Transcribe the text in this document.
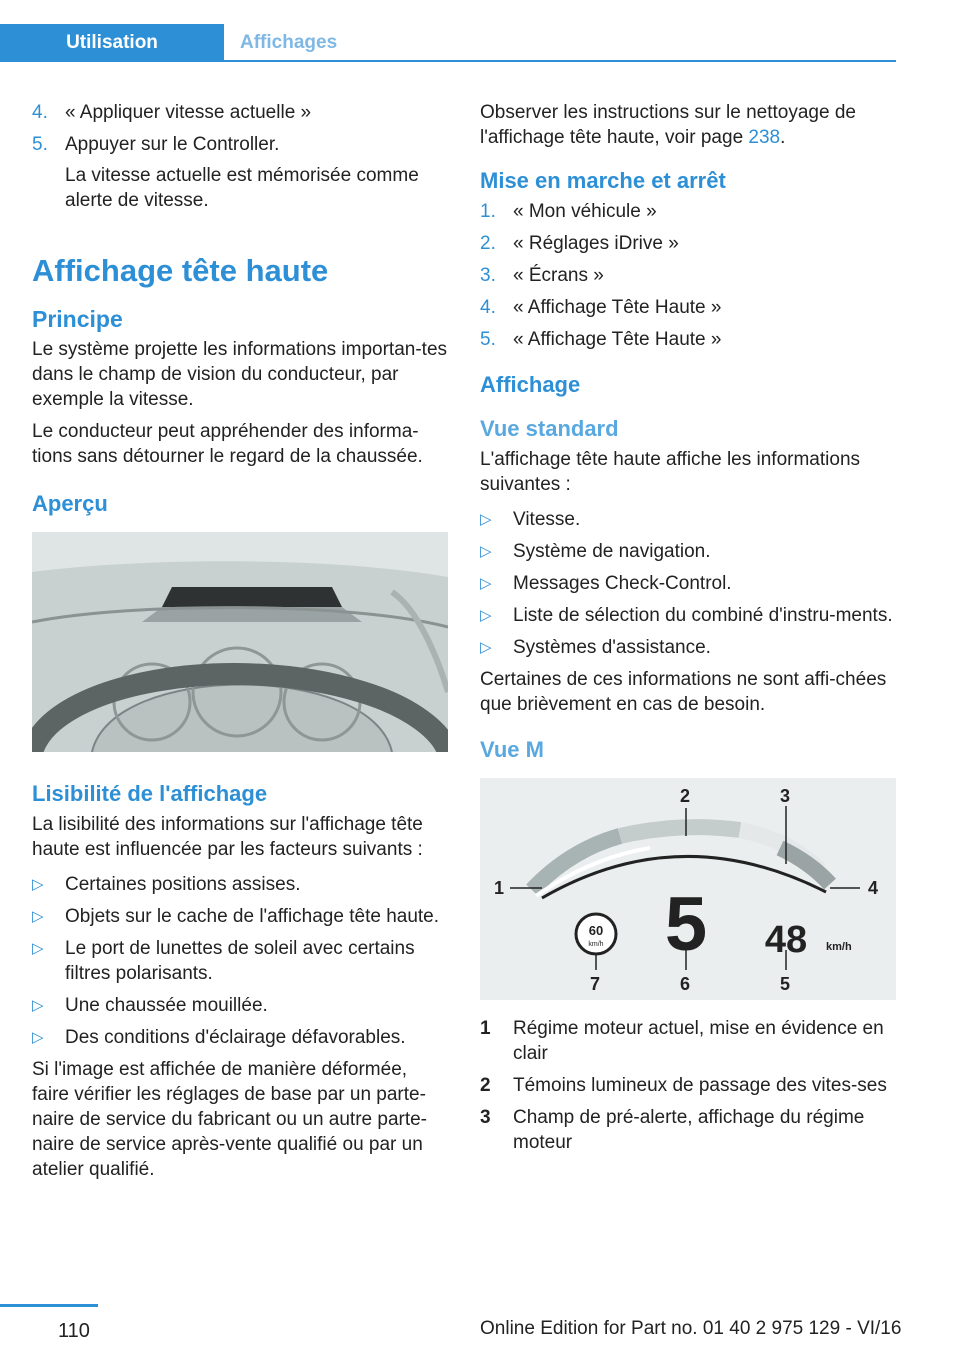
Utilisation	Affichages
4. « Appliquer vitesse actuelle »
5. Appuyer sur le Controller.
La vitesse actuelle est mémorisée comme alerte de vitesse.
Affichage tête haute
Principe

Le système projette les informations importan-tes dans le champ de vision du conducteur, par exemple la vitesse.

Le conducteur peut appréhender des informa-tions sans détourner le regard de la chaussée.

Aperçu
Lisibilité de l'affichage

La lisibilité des informations sur l'affichage tête haute est influencée par les facteurs suivants :

▷ Certaines positions assises.
▷ Objets sur le cache de l'affichage tête haute.
▷ Le port de lunettes de soleil avec certains filtres polarisants.
▷ Une chaussée mouillée.
▷ Des conditions d'éclairage défavorables.

Si l'image est affichée de manière déformée, faire vérifier les réglages de base par un parte-naire de service du fabricant ou un autre parte-naire de service après-vente qualifié ou par un atelier qualifié.

Observer les instructions sur le nettoyage de l'affichage tête haute, voir page 238.

Mise en marche et arrêt
1. « Mon véhicule »
2. « Réglages iDrive »
3. « Écrans »
4. « Affichage Tête Haute »
5. « Affichage Tête Haute »
Affichage
Vue standard

L'affichage tête haute affiche les informations suivantes :

▷ Vitesse.
▷ Système de navigation.
▷ Messages Check-Control.
▷ Liste de sélection du combiné d'instru-ments.
▷ Systèmes d'assistance.

Certaines de ces informations ne sont affi-chées que brièvement en cas de besoin.

Vue M
1
2	3
4
5
6
7
60
km/h 5 48 km/h
1 Régime moteur actuel, mise en évidence en clair
2 Témoins lumineux de passage des vites-ses
3 Champ de pré-alerte, affichage du régime moteur
110	Online Edition for Part no. 01 40 2 975 129 - VI/16
